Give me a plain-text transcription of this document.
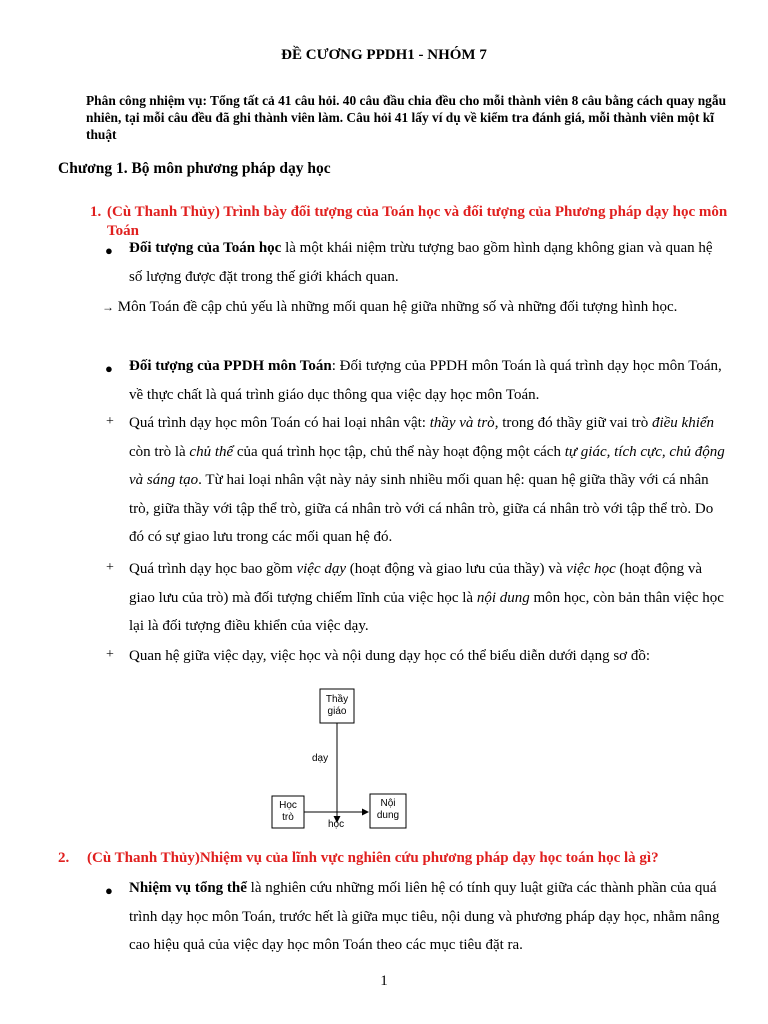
ĐỀ CƯƠNG PPDH1 - NHÓM 7
Phân công nhiệm vụ: Tổng tất cả 41 câu hỏi. 40 câu đầu chia đều cho mỗi thành viên 8 câu bằng cách quay ngẫu nhiên, tại mỗi câu đều đã ghi thành viên làm. Câu hỏi 41 lấy ví dụ về kiểm tra đánh giá, mỗi thành viên một kĩ thuật
Chương 1. Bộ môn phương pháp dạy học
1. (Cù Thanh Thủy) Trình bày đối tượng của Toán học và đối tượng của Phương pháp dạy học môn Toán
● Đối tượng của Toán học là một khái niệm trừu tượng bao gồm hình dạng không gian và quan hệ số lượng được đặt trong thế giới khách quan.
→ Môn Toán đề cập chủ yếu là những mối quan hệ giữa những số và những đối tượng hình học.
● Đối tượng của PPDH môn Toán: Đối tượng của PPDH môn Toán là quá trình dạy học môn Toán, về thực chất là quá trình giáo dục thông qua việc dạy học môn Toán.
+ Quá trình dạy học môn Toán có hai loại nhân vật: thầy và trò, trong đó thầy giữ vai trò điều khiển còn trò là chủ thể của quá trình học tập, chủ thể này hoạt động một cách tự giác, tích cực, chủ động và sáng tạo. Từ hai loại nhân vật này nảy sinh nhiều mối quan hệ: quan hệ giữa thầy với cá nhân trò, giữa thầy với tập thể trò, giữa cá nhân trò với cá nhân trò, giữa cá nhân trò với tập thể trò. Do đó có sự giao lưu trong các mối quan hệ đó.
+ Quá trình dạy học bao gồm việc dạy (hoạt động và giao lưu của thầy) và việc học (hoạt động và giao lưu của trò) mà đối tượng chiếm lĩnh của việc học là nội dung môn học, còn bản thân việc học lại là đối tượng điều khiển của việc dạy.
+ Quan hệ giữa việc dạy, việc học và nội dung dạy học có thể biểu diễn dưới dạng sơ đồ:
Thầy
giáo
dạy
Học
trò
học
Nội
dung
2. (Cù Thanh Thủy)Nhiệm vụ của lĩnh vực nghiên cứu phương pháp dạy học toán học là gì?
● Nhiệm vụ tổng thể là nghiên cứu những mối liên hệ có tính quy luật giữa các thành phần của quá trình dạy học môn Toán, trước hết là giữa mục tiêu, nội dung và phương pháp dạy học, nhằm nâng cao hiệu quả của việc dạy học môn Toán theo các mục tiêu đặt ra.
1
